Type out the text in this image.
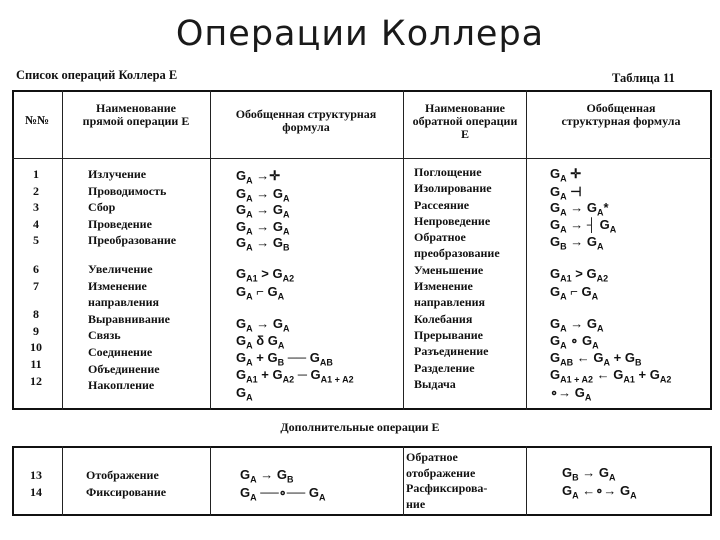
Операции Коллера
Список операций Коллера Е	Таблица 11
№№
Наименование прямой операции Е	Обобщенная структурная формула
Наименование обратной операции Е
Обобщенная структурная формула
1
2
3
4
5
6
7
8
9
10
11
12
Излучение
Проводимость
Сбор
Проведение
Преобразование
Увеличение
Изменение
направления
Выравнивание
Связь
Соединение
Объединение
Накопление
Поглощение
Изолирование
Рассеяние
Непроведение
Обратное
преобразование
Уменьшение
Изменение
направления
Колебания
Прерывание
Разъединение
Разделение
Выдача
$G_A$ →✛
$G_A \to G_A$
$G_A \to G_A$
$G_A \to G_A$
$G_A \to G_B$
$G_{A1} > G_{A2}$
$G_A$ ⌐ $G_A$
$G_A \to G_A$
$G_A$ δ $G_A$
$G_A + G_B$ ── $G_{AB}$
$G_{A1} + G_{A2}$ ─ $G_{A1 + A2}$
$G_A$
$G_A$ ✛
$G_A$ ⊣
$G_A \to G_A*$
$G_A$ → ┤ $G_A$
$G_B \to G_A$
$G_{A1} > G_{A2}$
$G_A$ ⌐ $G_A$
$G_A \to G_A$
$G_A$ ∘ $G_A$
$G_{AB}$ ← $G_A + G_B$
$G_{A1 + A2}$ ← $G_{A1} + G_{A2}$
∘→ $G_A$
Дополнительные операции Е
13
14
Отображение
Фиксирование
Обратное
отображение
Расфиксирова-
ние
$G_A \to G_B$
$G_A$ ──∘── $G_A$
$G_B \to G_A$
$G_A$ ←∘→ $G_A$
